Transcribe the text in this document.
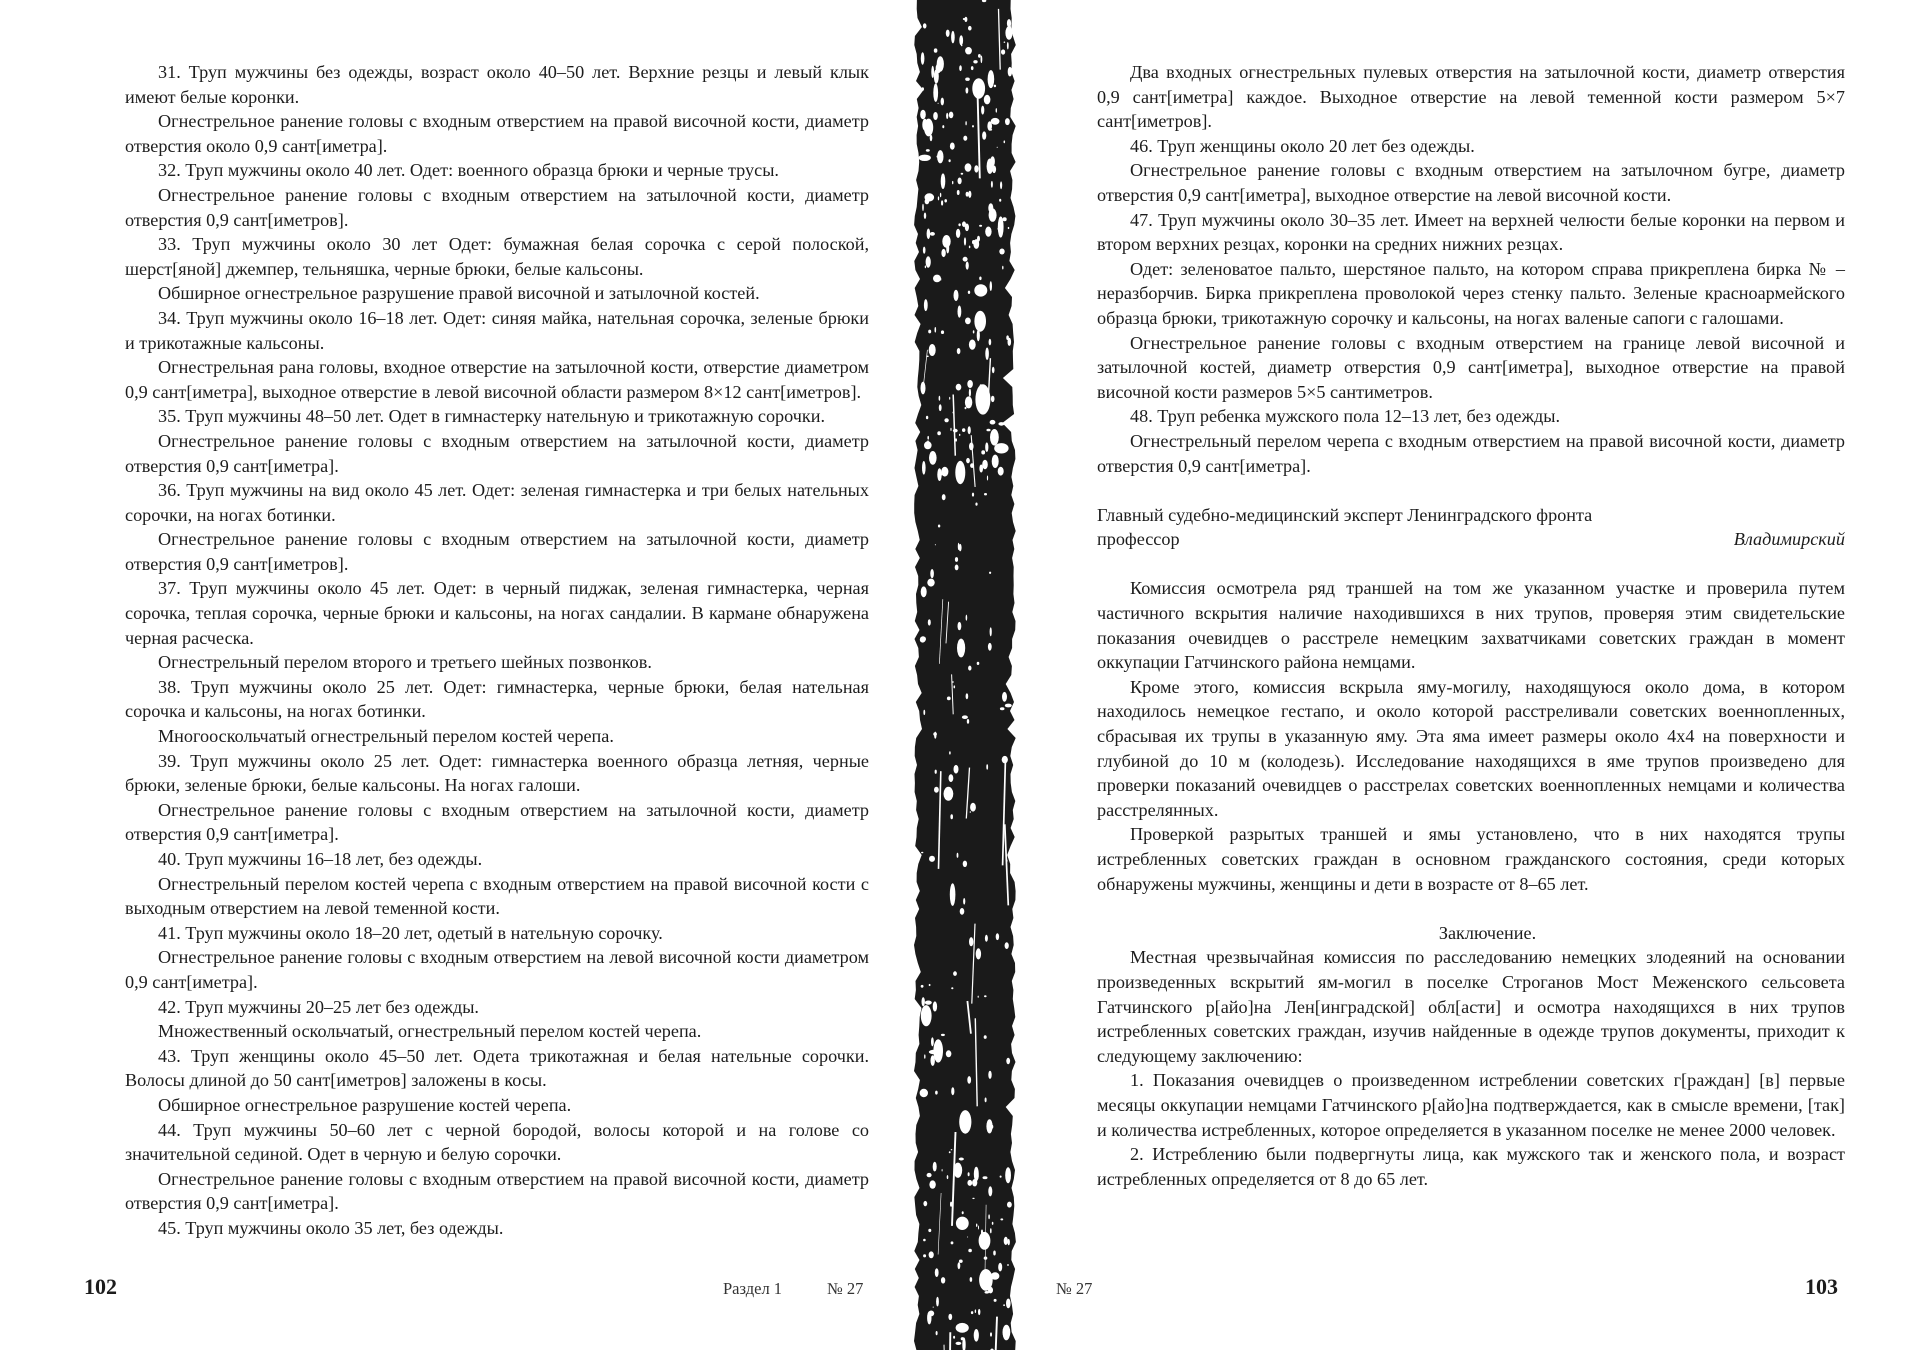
31. Труп мужчины без одежды, возраст около 40–50 лет. Верхние резцы и левый клык имеют белые коронки.

Огнестрельное ранение головы с входным отверстием на правой височной кости, диаметр отверстия около 0,9 сант[иметра].

32. Труп мужчины около 40 лет. Одет: военного образца брюки и черные трусы.

Огнестрельное ранение головы с входным отверстием на затылочной кости, диаметр отверстия 0,9 сант[иметров].

33. Труп мужчины около 30 лет Одет: бумажная белая сорочка с серой полоской, шерст[яной] джемпер, тельняшка, черные брюки, белые кальсоны.

Обширное огнестрельное разрушение правой височной и затылочной костей.

34. Труп мужчины около 16–18 лет. Одет: синяя майка, нательная сорочка, зеленые брюки и трикотажные кальсоны.

Огнестрельная рана головы, входное отверстие на затылочной кости, отверстие диаметром 0,9 сант[иметра], выходное отверстие в левой височной области размером 8×12 сант[иметров].

35. Труп мужчины 48–50 лет. Одет в гимнастерку нательную и трикотажную сорочки.

Огнестрельное ранение головы с входным отверстием на затылочной кости, диаметр отверстия 0,9 сант[иметра].

36. Труп мужчины на вид около 45 лет. Одет: зеленая гимнастерка и три белых нательных сорочки, на ногах ботинки.

Огнестрельное ранение головы с входным отверстием на затылочной кости, диаметр отверстия 0,9 сант[иметров].

37. Труп мужчины около 45 лет. Одет: в черный пиджак, зеленая гимнастерка, черная сорочка, теплая сорочка, черные брюки и кальсоны, на ногах сандалии. В кармане обнаружена черная расческа.

Огнестрельный перелом второго и третьего шейных позвонков.

38. Труп мужчины около 25 лет. Одет: гимнастерка, черные брюки, белая нательная сорочка и кальсоны, на ногах ботинки.

Многооскольчатый огнестрельный перелом костей черепа.

39. Труп мужчины около 25 лет. Одет: гимнастерка военного образца летняя, черные брюки, зеленые брюки, белые кальсоны. На ногах галоши.

Огнестрельное ранение головы с входным отверстием на затылочной кости, диаметр отверстия 0,9 сант[иметра].

40. Труп мужчины 16–18 лет, без одежды.

Огнестрельный перелом костей черепа с входным отверстием на правой височной кости с выходным отверстием на левой теменной кости.

41. Труп мужчины около 18–20 лет, одетый в нательную сорочку.

Огнестрельное ранение головы с входным отверстием на левой височной кости диаметром 0,9 сант[иметра].

42. Труп мужчины 20–25 лет без одежды.

Множественный оскольчатый, огнестрельный перелом костей черепа.

43. Труп женщины около 45–50 лет. Одета трикотажная и белая нательные сорочки. Волосы длиной до 50 сант[иметров] заложены в косы.

Обширное огнестрельное разрушение костей черепа.

44. Труп мужчины 50–60 лет с черной бородой, волосы которой и на голове со значительной сединой. Одет в черную и белую сорочки.

Огнестрельное ранение головы с входным отверстием на правой височной кости, диаметр отверстия 0,9 сант[иметра].

45. Труп мужчины около 35 лет, без одежды.

102	Раздел 1	№ 27

Два входных огнестрельных пулевых отверстия на затылочной кости, диаметр отверстия 0,9 сант[иметра] каждое. Выходное отверстие на левой теменной кости размером 5×7 сант[иметров].

46. Труп женщины около 20 лет без одежды.

Огнестрельное ранение головы с входным отверстием на затылочном бугре, диаметр отверстия 0,9 сант[иметра], выходное отверстие на левой височной кости.

47. Труп мужчины около 30–35 лет. Имеет на верхней челюсти белые коронки на первом и втором верхних резцах, коронки на средних нижних резцах.

Одет: зеленоватое пальто, шерстяное пальто, на котором справа прикреплена бирка № – неразборчив. Бирка прикреплена проволокой через стенку пальто. Зеленые красноармейского образца брюки, трикотажную сорочку и кальсоны, на ногах валеные сапоги с галошами.

Огнестрельное ранение головы с входным отверстием на границе левой височной и затылочной костей, диаметр отверстия 0,9 сант[иметра], выходное отверстие на правой височной кости размеров 5×5 сантиметров.

48. Труп ребенка мужского пола 12–13 лет, без одежды.

Огнестрельный перелом черепа с входным отверстием на правой височной кости, диаметр отверстия 0,9 сант[иметра].

Главный судебно-медицинский эксперт Ленинградского фронта

профессор	Владимирский

Комиссия осмотрела ряд траншей на том же указанном участке и проверила путем частичного вскрытия наличие находившихся в них трупов, проверяя этим свидетельские показания очевидцев о расстреле немецким захватчиками советских граждан в момент оккупации Гатчинского района немцами.

Кроме этого, комиссия вскрыла яму-могилу, находящуюся около дома, в котором находилось немецкое гестапо, и около которой расстреливали советских военнопленных, сбрасывая их трупы в указанную яму. Эта яма имеет размеры около 4х4 на поверхности и глубиной до 10 м (колодезь). Исследование находящихся в яме трупов произведено для проверки показаний очевидцев о расстрелах советских военнопленных немцами и количества расстрелянных.

Проверкой разрытых траншей и ямы установлено, что в них находятся трупы истребленных советских граждан в основном гражданского состояния, среди которых обнаружены мужчины, женщины и дети в возрасте от 8–65 лет.

Заключение.

Местная чрезвычайная комиссия по расследованию немецких злодеяний на основании произведенных вскрытий ям-могил в поселке Строганов Мост Меженского сельсовета Гатчинского р[айо]на Лен[инградской] обл[асти] и осмотра находящихся в них трупов истребленных советских граждан, изучив найденные в одежде трупов документы, приходит к следующему заключению:

1. Показания очевидцев о произведенном истреблении советских г[раждан] [в] первые месяцы оккупации немцами Гатчинского р[айо]на подтверждается, как в смысле времени, [так] и количества истребленных, которое определяется в указанном поселке не менее 2000 человек.

2. Истреблению были подвергнуты лица, как мужского так и женского пола, и возраст истребленных определяется от 8 до 65 лет.

№ 27	103
